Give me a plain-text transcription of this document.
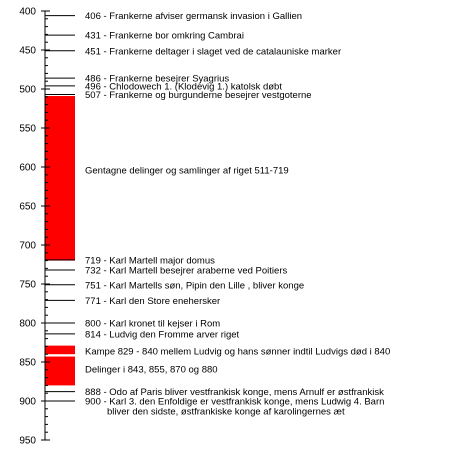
400
450
500
550
600
650
700
750
800
850
900
950
406 - Frankerne afviser germansk invasion i Gallien
431 - Frankerne bor omkring Cambrai
451 - Frankerne deltager i slaget ved de catalauniske marker
486 - Frankerne besejrer Syagrius
496 - Chlodowech 1. (Klodevig 1.) katolsk døbt
507 - Frankerne og burgunderne besejrer vestgoterne
719 - Karl Martell major domus
732 - Karl Martell besejrer araberne ved Poitiers
751 - Karl Martells søn, Pipin den Lille , bliver konge
771 - Karl den Store enehersker
800 - Karl kronet til kejser i Rom
814 - Ludvig den Fromme arver riget
888 - Odo af Paris bliver vestfrankisk konge, mens Arnulf er østfrankisk
900 - Karl 3. den Enfoldige er vestfrankisk konge, mens Ludwig 4. Barn
bliver den sidste, østfrankiske konge af karolingernes æt
Gentagne delinger og samlinger af riget 511-719
Kampe 829 - 840 mellem Ludvig og hans sønner indtil Ludvigs død i 840
Delinger i 843, 855, 870 og 880
